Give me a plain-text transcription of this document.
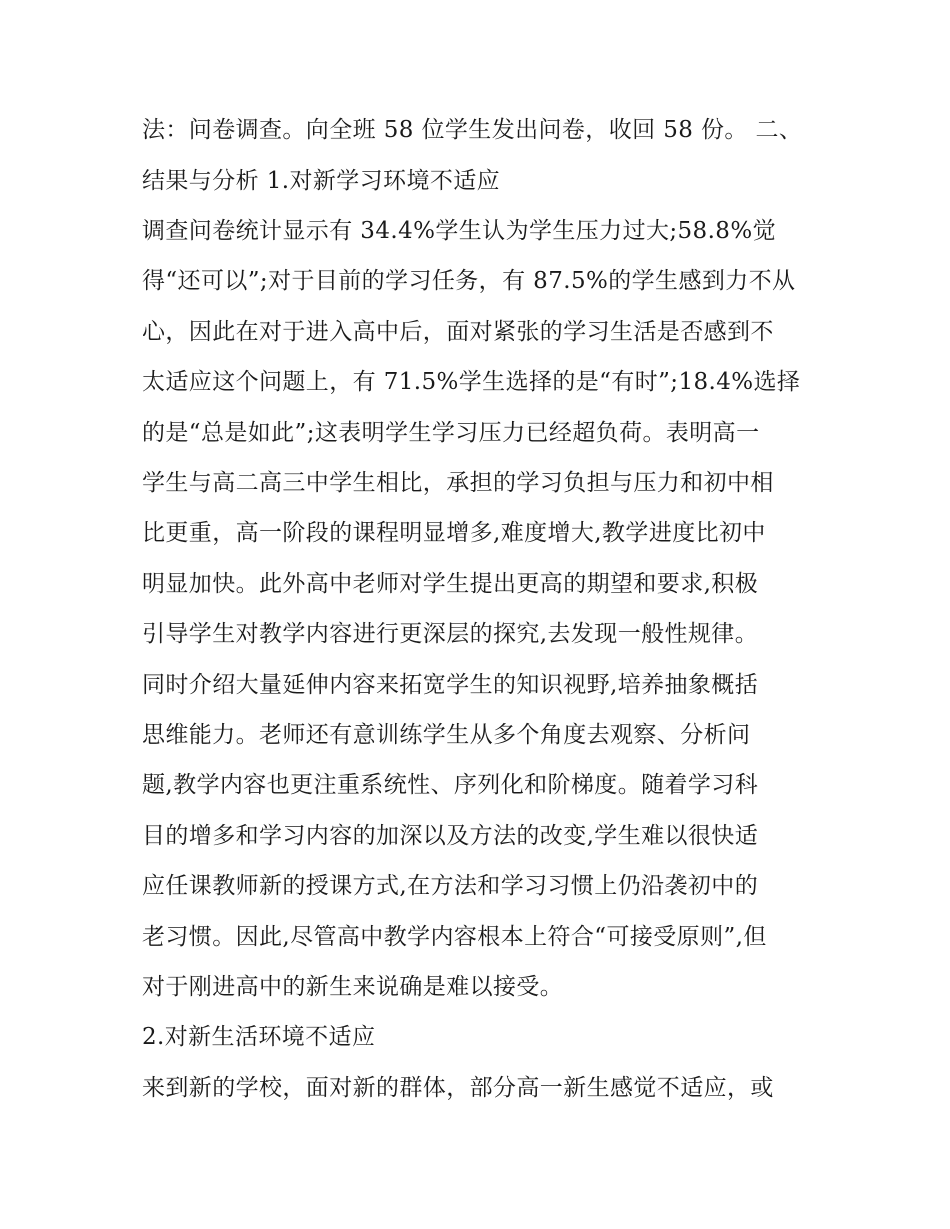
法：问卷调查。向全班 58 位学生发出问卷，收回 58 份。 二、
结果与分析 1.对新学习环境不适应
调查问卷统计显示有 34.4%学生认为学生压力过大;58.8%觉
得“还可以”;对于目前的学习任务，有 87.5%的学生感到力不从
心，因此在对于进入高中后，面对紧张的学习生活是否感到不
太适应这个问题上，有 71.5%学生选择的是“有时”;18.4%选择
的是“总是如此”;这表明学生学习压力已经超负荷。表明高一
学生与高二高三中学生相比，承担的学习负担与压力和初中相
比更重，高一阶段的课程明显增多,难度增大,教学进度比初中
明显加快。此外高中老师对学生提出更高的期望和要求,积极
引导学生对教学内容进行更深层的探究,去发现一般性规律。
同时介绍大量延伸内容来拓宽学生的知识视野,培养抽象概括
思维能力。老师还有意训练学生从多个角度去观察、分析问
题,教学内容也更注重系统性、序列化和阶梯度。随着学习科
目的增多和学习内容的加深以及方法的改变,学生难以很快适
应任课教师新的授课方式,在方法和学习习惯上仍沿袭初中的
老习惯。因此,尽管高中教学内容根本上符合“可接受原则”,但
对于刚进高中的新生来说确是难以接受。
2.对新生活环境不适应
来到新的学校，面对新的群体，部分高一新生感觉不适应，或
